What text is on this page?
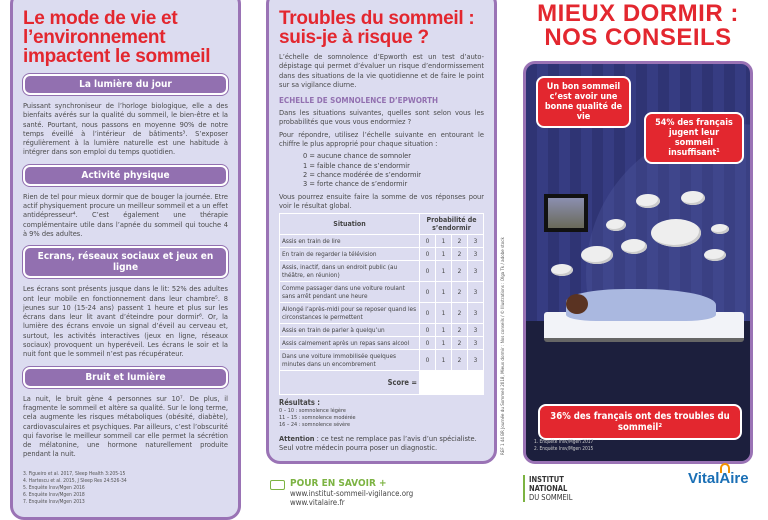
Le mode de vie et l’environnement impactent le sommeil
La lumière du jour

Puissant synchroniseur de l’horloge biologique, elle a des bienfaits avérés sur la qualité du sommeil, le bien-être et la santé. Pourtant, nous passons en moyenne 90% de notre temps éveillé à l’intérieur de bâtiments³. S’exposer régulièrement à la lumière naturelle est une habitude à intégrer dans son emploi du temps quotidien.

Activité physique

Rien de tel pour mieux dormir que de bouger la journée. Etre actif physiquement procure un meilleur sommeil et a un effet antidépresseur⁴. C’est également une thérapie complémentaire utile dans l’apnée du sommeil qui touche 4 à 9% des adultes.

Ecrans, réseaux sociaux et jeux en ligne

Les écrans sont présents jusque dans le lit: 52% des adultes ont leur mobile en fonctionnement dans leur chambre⁵. 8 jeunes sur 10 (15-24 ans) passent 1 heure et plus sur les écrans dans leur lit avant d’éteindre pour dormir⁶. Or, la lumière des écrans envoie un signal d’éveil au cerveau et, surtout, les activités interactives (jeux en ligne, réseaux sociaux) provoquent un hyperéveil. Les écrans le soir et la nuit font que le sommeil n’est pas récupérateur.

Bruit et lumière

La nuit, le bruit gène 4 personnes sur 10⁷. De plus, il fragmente le sommeil et altère sa qualité. Sur le long terme, cela augmente les risques métaboliques (obésité, diabète), cardiovasculaires et psychiques. Par ailleurs, c’est l’obscurité qui favorise le meilleur sommeil car elle permet la sécrétion de mélatonine, une hormone naturellement produite pendant la nuit.

3. Figueiro et al. 2017, Sleep Health 3:205-15
4. Hartescu et al. 2015, J Sleep Res 24:526-34
5. Enquête Insv/Mgen 2016
6. Enquête Insv/Mgen 2018
7. Enquête Insv/Mgen 2013
Troubles du sommeil : suis-je à risque ?

L’échelle de somnolence d’Epworth est un test d’auto-dépistage qui permet d’évaluer un risque d’endormissement dans des situations de la vie quotidienne et de faire le point sur sa vigilance diurne.

ECHELLE DE SOMNOLENCE D’EPWORTH

Dans les situations suivantes, quelles sont selon vous les probabilités que vous vous endormiez ?

Pour répondre, utilisez l’échelle suivante en entourant le chiffre le plus approprié pour chaque situation :

0 = aucune chance de somnoler
1 = faible chance de s’endormir
2 = chance modérée de s’endormir
3 = forte chance de s’endormir

Vous pourrez ensuite faire la somme de vos réponses pour voir le résultat global.

Situation	Probabilité de s’endormir			
Assis en train de lire	0	1	2	3
En train de regarder la télévision	0	1	2	3
Assis, inactif, dans un endroit public (au théâtre, en réunion)	0	1	2	3
Comme passager dans une voiture roulant sans arrêt pendant une heure	0	1	2	3
Allongé l’après-midi pour se reposer quand les circonstances le permettent	0	1	2	3
Assis en train de parler à quelqu’un	0	1	2	3
Assis calmement après un repas sans alcool	0	1	2	3
Dans une voiture immobilisée quelques minutes dans un encombrement	0	1	2	3
Score =				
Résultats :
0 – 10 : somnolence légère
11 – 15 : somnolence modérée
16 – 24 : somnolence sévère
Attention : ce test ne remplace pas l’avis d’un spécialiste. Seul votre médecin pourra poser un diagnostic.	REF 1 44 BR Journée du Sommeil 2018, Mieux dormir : Nos conseils / © Illustrations : Olga Tk / adobe stock
POUR EN SAVOIR +
www.institut-sommeil-vigilance.org
www.vitalaire.fr
MIEUX DORMIR : NOS CONSEILS
Un bon sommeil c’est avoir une bonne qualité de vie
54% des français jugent leur sommeil insuffisant¹
36% des français ont des troubles du sommeil²
1. Enquête Insv/Mgen 2017
2. Enquête Insv/Mgen 2015
INSTITUT
NATIONAL
DU SOMMEIL
VitalAire
